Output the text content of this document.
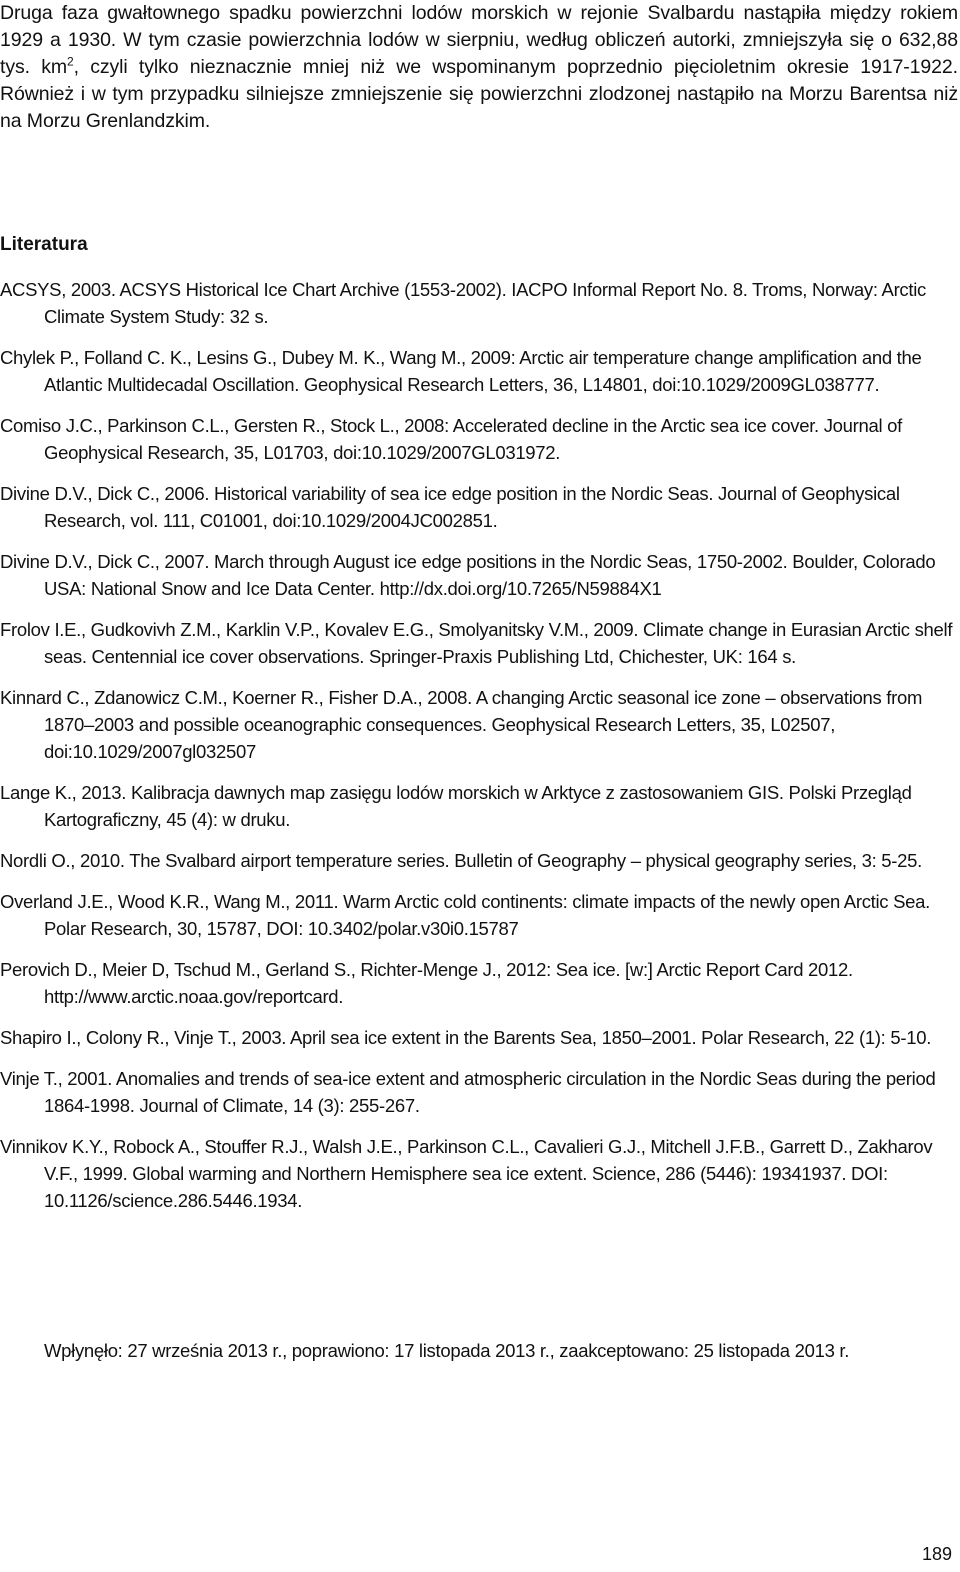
Druga faza gwałtownego spadku powierzchni lodów morskich w rejonie Svalbardu nastąpiła między rokiem 1929 a 1930. W tym czasie powierzchnia lodów w sierpniu, według obliczeń autorki, zmniejszyła się o 632,88 tys. $km^2$, czyli tylko nieznacznie mniej niż we wspominanym poprzednio pięcioletnim okresie 1917-1922. Również i w tym przypadku silniejsze zmniejszenie się powierzchni zlodzonej nastąpiło na Morzu Barentsa niż na Morzu Grenlandzkim.

Literatura
ACSYS, 2003. ACSYS Historical Ice Chart Archive (1553-2002). IACPO Informal Report No. 8. Troms, Norway: Arctic Climate System Study: 32 s.
Chylek P., Folland C. K., Lesins G., Dubey M. K., Wang M., 2009: Arctic air temperature change amplification and the Atlantic Multidecadal Oscillation. Geophysical Research Letters, 36, L14801, doi:10.1029/2009GL038777.
Comiso J.C., Parkinson C.L., Gersten R., Stock L., 2008: Accelerated decline in the Arctic sea ice cover. Journal of Geophysical Research, 35, L01703, doi:10.1029/2007GL031972.
Divine D.V., Dick C., 2006. Historical variability of sea ice edge position in the Nordic Seas. Journal of Geophysical Research, vol. 111, C01001, doi:10.1029/2004JC002851.
Divine D.V., Dick C., 2007. March through August ice edge positions in the Nordic Seas, 1750-2002. Boulder, Colorado USA: National Snow and Ice Data Center. http://dx.doi.org/10.7265/N59884X1
Frolov I.E., Gudkovivh Z.M., Karklin V.P., Kovalev E.G., Smolyanitsky V.M., 2009. Climate change in Eurasian Arctic shelf seas. Centennial ice cover observations. Springer-Praxis Publishing Ltd, Chichester, UK: 164 s.
Kinnard C., Zdanowicz C.M., Koerner R., Fisher D.A., 2008. A changing Arctic seasonal ice zone – observations from 1870–2003 and possible oceanographic consequences. Geophysical Research Letters, 35, L02507, doi:10.1029/2007gl032507
Lange K., 2013. Kalibracja dawnych map zasięgu lodów morskich w Arktyce z zastosowaniem GIS. Polski Przegląd Kartograficzny, 45 (4): w druku.
Nordli O., 2010. The Svalbard airport temperature series. Bulletin of Geography – physical geography series, 3: 5-25.
Overland J.E., Wood K.R., Wang M., 2011. Warm Arctic cold continents: climate impacts of the newly open Arctic Sea. Polar Research, 30, 15787, DOI: 10.3402/polar.v30i0.15787
Perovich D., Meier D, Tschud M., Gerland S., Richter-Menge J., 2012: Sea ice. [w:] Arctic Report Card 2012. http://www.arctic.noaa.gov/reportcard.
Shapiro I., Colony R., Vinje T., 2003. April sea ice extent in the Barents Sea, 1850–2001. Polar Research, 22 (1): 5-10.
Vinje T., 2001. Anomalies and trends of sea-ice extent and atmospheric circulation in the Nordic Seas during the period 1864-1998. Journal of Climate, 14 (3): 255-267.
Vinnikov K.Y., Robock A., Stouffer R.J., Walsh J.E., Parkinson C.L., Cavalieri G.J., Mitchell J.F.B., Garrett D., Zakharov V.F., 1999. Global warming and Northern Hemisphere sea ice extent. Science, 286 (5446): 19341937. DOI: 10.1126/science.286.5446.1934.

Wpłynęło: 27 września 2013 r., poprawiono: 17 listopada 2013 r., zaakceptowano: 25 listopada 2013 r.

189
